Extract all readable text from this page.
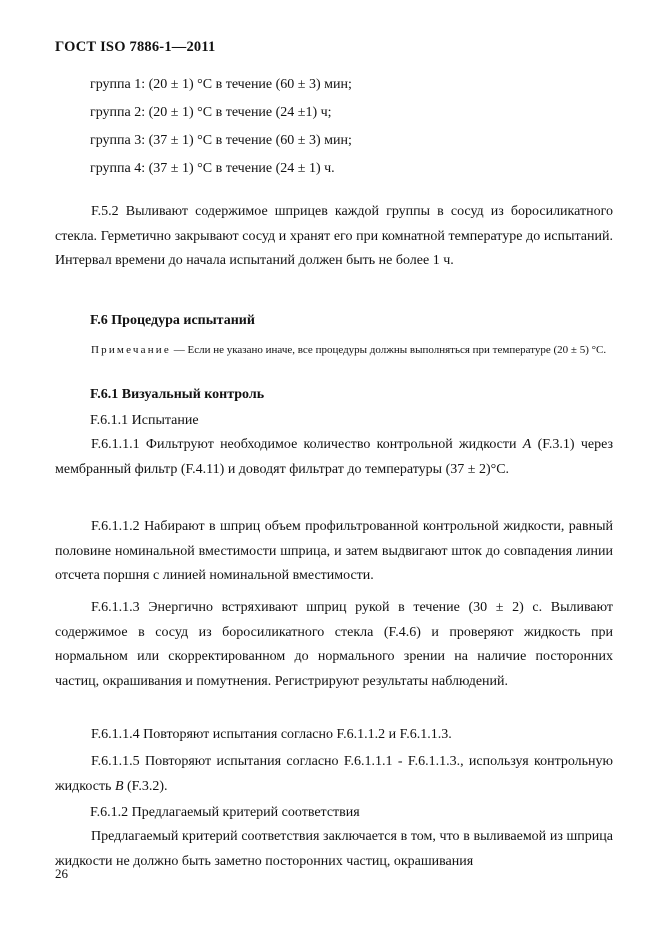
ГОСТ ISO 7886-1—2011
группа 1: (20 ± 1) °С в течение (60 ± 3) мин;
группа 2: (20 ± 1) °С в течение (24 ±1) ч;
группа 3: (37 ± 1) °С в течение (60 ± 3) мин;
группа 4: (37 ± 1) °С в течение (24 ± 1) ч.

F.5.2 Выливают содержимое шприцев каждой группы в сосуд из боросиликатного стекла. Герметично закрывают сосуд и хранят его при комнатной температуре до испытаний. Интервал времени до начала испытаний должен быть не более 1 ч.

F.6 Процедура испытаний

Примечание — Если не указано иначе, все процедуры должны выполняться при температуре (20 ± 5) °С.

F.6.1 Визуальный контроль
F.6.1.1 Испытание

F.6.1.1.1 Фильтруют необходимое количество контрольной жидкости А (F.3.1) через мембранный фильтр (F.4.11) и доводят фильтрат до температуры (37 ± 2)°С.

F.6.1.1.2 Набирают в шприц объем профильтрованной контрольной жидкости, равный половине номинальной вместимости шприца, и затем выдвигают шток до совпадения линии отсчета поршня с линией номинальной вместимости.

F.6.1.1.3 Энергично встряхивают шприц рукой в течение (30 ± 2) с. Выливают содержимое в сосуд из боросиликатного стекла (F.4.6) и проверяют жидкость при нормальном или скорректированном до нормального зрении на наличие посторонних частиц, окрашивания и помутнения. Регистрируют результаты наблюдений.

F.6.1.1.4 Повторяют испытания согласно F.6.1.1.2 и F.6.1.1.3.

F.6.1.1.5 Повторяют испытания согласно F.6.1.1.1 - F.6.1.1.3., используя контрольную жидкость В (F.3.2).

F.6.1.2 Предлагаемый критерий соответствия

Предлагаемый критерий соответствия заключается в том, что в выливаемой из шприца жидкости не должно быть заметно посторонних частиц, окрашивания

26
